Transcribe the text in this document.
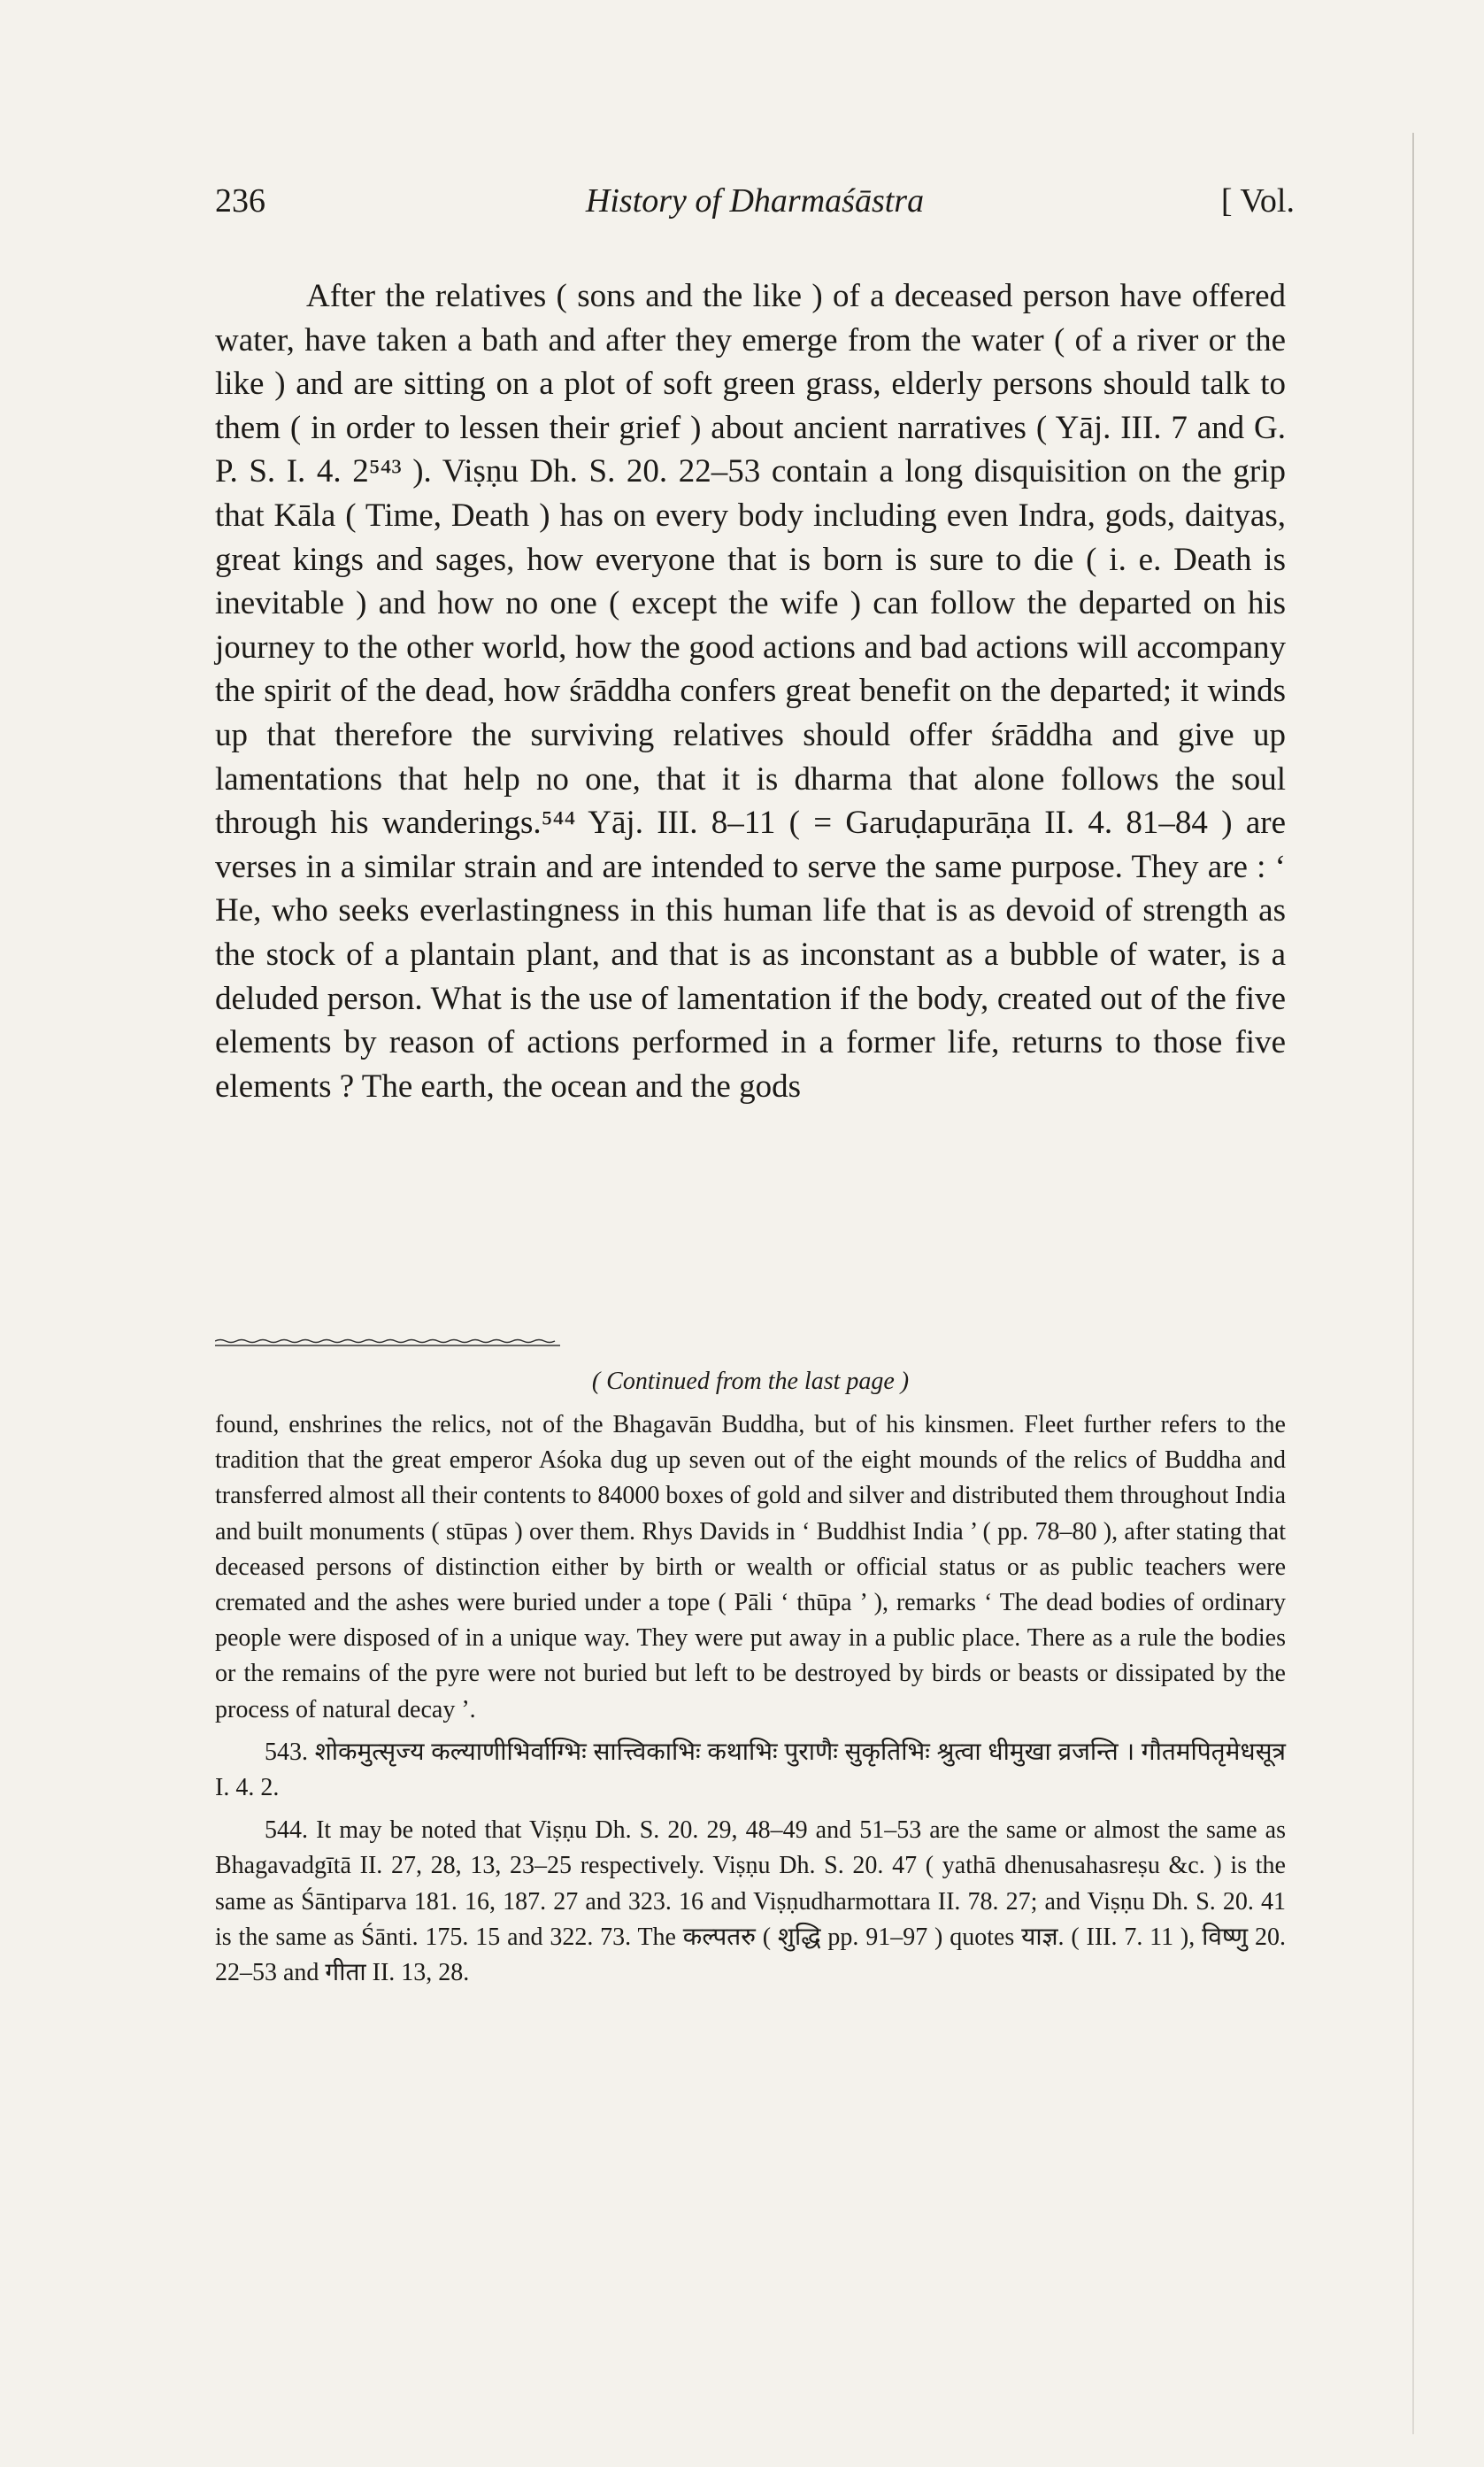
236	History of Dharmaśāstra	[ Vol.

After the relatives ( sons and the like ) of a deceased person have offered water, have taken a bath and after they emerge from the water ( of a river or the like ) and are sitting on a plot of soft green grass, elderly persons should talk to them ( in order to lessen their grief ) about ancient narratives ( Yāj. III. 7 and G. P. S. I. 4. 2⁵⁴³ ). Viṣṇu Dh. S. 20. 22–53 contain a long disquisition on the grip that Kāla ( Time, Death ) has on every body including even Indra, gods, daityas, great kings and sages, how everyone that is born is sure to die ( i. e. Death is inevitable ) and how no one ( except the wife ) can follow the departed on his journey to the other world, how the good actions and bad actions will accompany the spirit of the dead, how śrāddha confers great benefit on the departed; it winds up that therefore the surviving relatives should offer śrāddha and give up lamentations that help no one, that it is dharma that alone follows the soul through his wanderings.⁵⁴⁴ Yāj. III. 8–11 ( = Garuḍapurāṇa II. 4. 81–84 ) are verses in a similar strain and are intended to serve the same purpose. They are : ‘ He, who seeks everlastingness in this human life that is as devoid of strength as the stock of a plantain plant, and that is as inconstant as a bubble of water, is a deluded person. What is the use of lamentation if the body, created out of the five elements by reason of actions performed in a former life, returns to those five elements ? The earth, the ocean and the gods

( Continued from the last page )

found, enshrines the relics, not of the Bhagavān Buddha, but of his kinsmen. Fleet further refers to the tradition that the great emperor Aśoka dug up seven out of the eight mounds of the relics of Buddha and transferred almost all their contents to 84000 boxes of gold and silver and distributed them throughout India and built monuments ( stūpas ) over them. Rhys Davids in ‘ Buddhist India ’ ( pp. 78–80 ), after stating that deceased persons of distinction either by birth or wealth or official status or as public teachers were cremated and the ashes were buried under a tope ( Pāli ‘ thūpa ’ ), remarks ‘ The dead bodies of ordinary people were disposed of in a unique way. They were put away in a public place. There as a rule the bodies or the remains of the pyre were not buried but left to be destroyed by birds or beasts or dissipated by the process of natural decay ’.

543. शोकमुत्सृज्य कल्याणीभिर्वाग्भिः सात्त्विकाभिः कथाभिः पुराणैः सुकृतिभिः श्रुत्वा धीमुखा व्रजन्ति । गौतमपितृमेधसूत्र I. 4. 2.

544. It may be noted that Viṣṇu Dh. S. 20. 29, 48–49 and 51–53 are the same or almost the same as Bhagavadgītā II. 27, 28, 13, 23–25 respectively. Viṣṇu Dh. S. 20. 47 ( yathā dhenusahasreṣu &c. ) is the same as Śāntiparva 181. 16, 187. 27 and 323. 16 and Viṣṇudharmottara II. 78. 27; and Viṣṇu Dh. S. 20. 41 is the same as Śānti. 175. 15 and 322. 73. The कल्पतरु ( शुद्धि pp. 91–97 ) quotes याज्ञ. ( III. 7. 11 ), विष्णु 20. 22–53 and गीता II. 13, 28.
